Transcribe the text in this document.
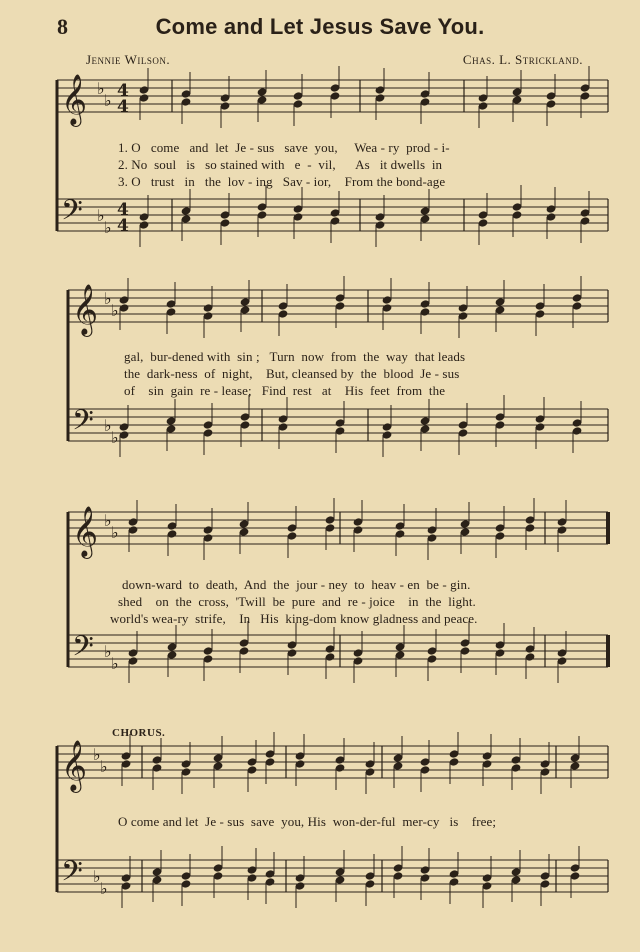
8	Come and Let Jesus Save You.
Jennie Wilson.	Chas. L. Strickland.
CHORUS.
𝄞 ♭
♭ 4
4
𝄢 ♭
♭
4
4
𝄞 ♭
♭
𝄢 ♭
♭
𝄞 ♭
♭
𝄢 ♭
♭
𝄞 ♭
♭
𝄢 ♭
♭
1. O   come   and  let  Je - sus   save  you,     Wea - ry  prod - i-
2. No  soul   is   so stained with   e  -  vil,      As   it dwells  in
3. O   trust   in   the  lov - ing   Sav - ior,    From the bond-age
gal,  bur-dened with  sin ;   Turn  now  from  the  way  that leads
the  dark-ness  of  night,    But, cleansed by  the  blood  Je - sus
of    sin  gain  re - lease;   Find  rest   at    His  feet  from  the
down-ward  to  death,  And  the  jour - ney  to  heav - en  be - gin.
shed    on  the  cross,  'Twill  be  pure  and  re - joice    in  the  light.
world's wea-ry  strife,    In   His  king-dom know gladness and peace.
O come and let  Je - sus  save  you, His  won-der-ful  mer-cy   is    free;
